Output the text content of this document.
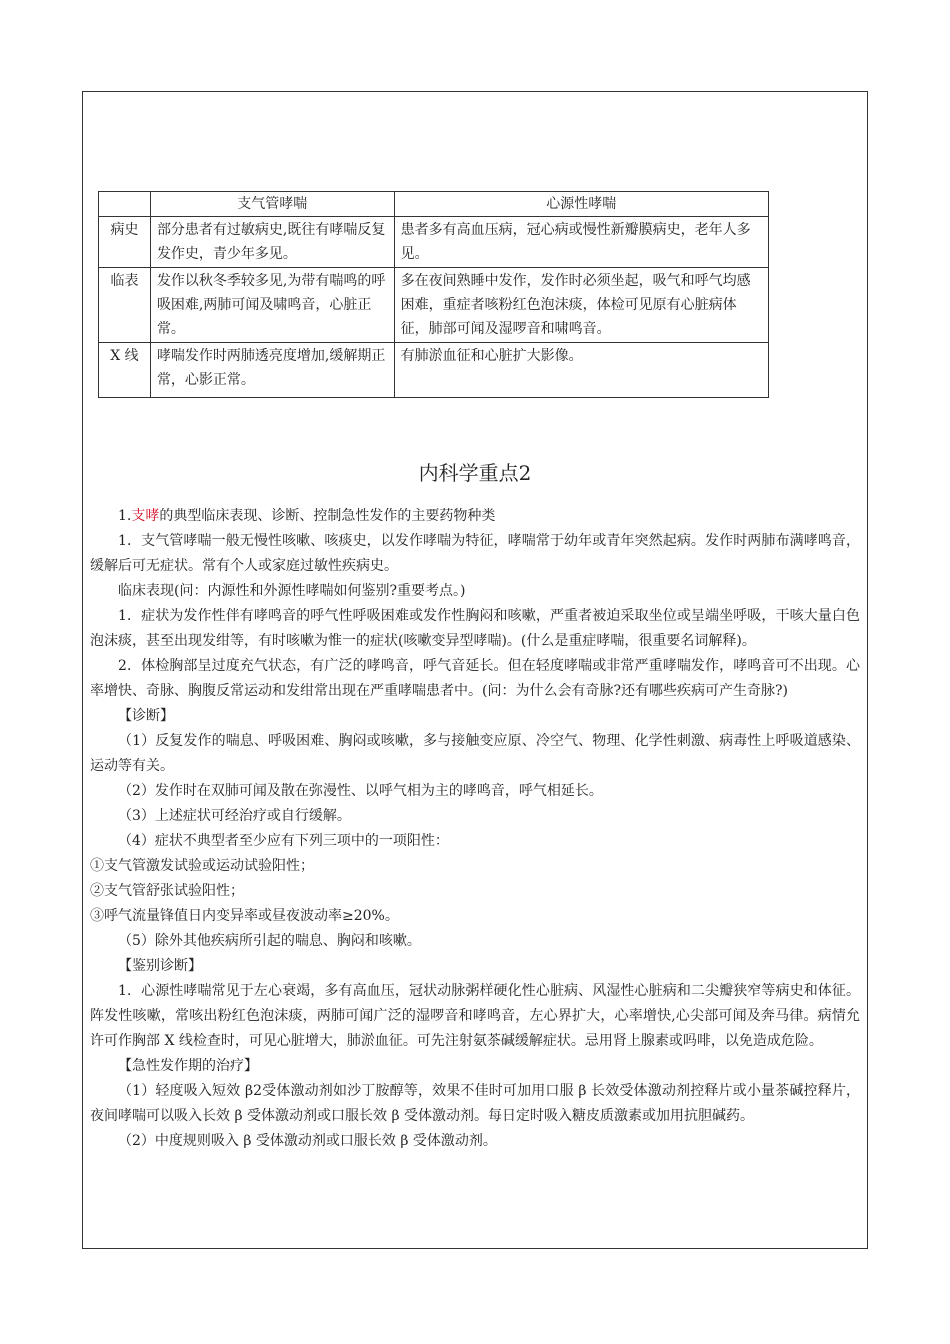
	支气管哮喘	心源性哮喘
病史	部分患者有过敏病史,既往有哮喘反复发作史，青少年多见。	患者多有高血压病，冠心病或慢性新瓣膜病史，老年人多见。
临表	发作以秋冬季较多见,为带有喘鸣的呼吸困难,两肺可闻及啸鸣音，心脏正常。	多在夜间熟睡中发作，发作时必须坐起，吸气和呼气均感困难，重症者咳粉红色泡沫痰，体检可见原有心脏病体征，肺部可闻及湿啰音和啸鸣音。
X 线	哮喘发作时两肺透亮度增加,缓解期正常，心影正常。	有肺淤血征和心脏扩大影像。
内科学重点2

1.支哮的典型临床表现、诊断、控制急性发作的主要药物种类

1．支气管哮喘一般无慢性咳嗽、咳痰史，以发作哮喘为特征，哮喘常于幼年或青年突然起病。发作时两肺布满哮鸣音，缓解后可无症状。常有个人或家庭过敏性疾病史。

临床表现(问：内源性和外源性哮喘如何鉴别?重要考点。)

1．症状为发作性伴有哮鸣音的呼气性呼吸困难或发作性胸闷和咳嗽，严重者被迫采取坐位或呈端坐呼吸，干咳大量白色泡沫痰，甚至出现发绀等，有时咳嗽为惟一的症状(咳嗽变异型哮喘)。(什么是重症哮喘，很重要名词解释)。

2．体检胸部呈过度充气状态，有广泛的哮鸣音，呼气音延长。但在轻度哮喘或非常严重哮喘发作，哮鸣音可不出现。心率增快、奇脉、胸腹反常运动和发绀常出现在严重哮喘患者中。(问：为什么会有奇脉?还有哪些疾病可产生奇脉?)

【诊断】

（1）反复发作的喘息、呼吸困难、胸闷或咳嗽，多与接触变应原、冷空气、物理、化学性刺激、病毒性上呼吸道感染、运动等有关。

（2）发作时在双肺可闻及散在弥漫性、以呼气相为主的哮鸣音，呼气相延长。

（3）上述症状可经治疗或自行缓解。

（4）症状不典型者至少应有下列三项中的一项阳性：

①支气管激发试验或运动试验阳性；

②支气管舒张试验阳性；

③呼气流量锋值日内变异率或昼夜波动率≥20%。

（5）除外其他疾病所引起的喘息、胸闷和咳嗽。

【鉴别诊断】

1．心源性哮喘常见于左心衰竭，多有高血压，冠状动脉粥样硬化性心脏病、风湿性心脏病和二尖瓣狭窄等病史和体征。阵发性咳嗽，常咳出粉红色泡沫痰，两肺可闻广泛的湿啰音和哮鸣音，左心界扩大，心率增快,心尖部可闻及奔马律。病情允许可作胸部 X 线检查时，可见心脏增大，肺淤血征。可先注射氨茶碱缓解症状。忌用肾上腺素或吗啡，以免造成危险。

【急性发作期的治疗】

（1）轻度吸入短效 β2受体激动剂如沙丁胺醇等，效果不佳时可加用口服 β 长效受体激动剂控释片或小量茶碱控释片，夜间哮喘可以吸入长效 β 受体激动剂或口服长效 β 受体激动剂。每日定时吸入糖皮质激素或加用抗胆碱药。

（2）中度规则吸入 β 受体激动剂或口服长效 β 受体激动剂。
